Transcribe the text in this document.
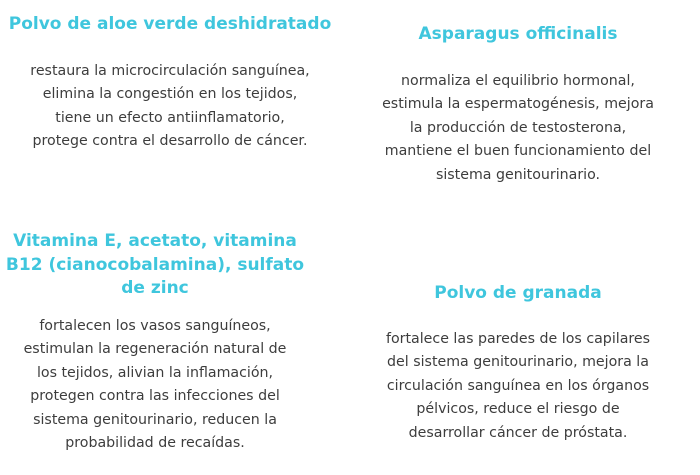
Polvo de aloe verde deshidratado

restaura la microcirculación sanguínea,
elimina la congestión en los tejidos,
tiene un efecto antiinflamatorio,
protege contra el desarrollo de cáncer.

Asparagus officinalis

normaliza el equilibrio hormonal,
estimula la espermatogénesis, mejora
la producción de testosterona,
mantiene el buen funcionamiento del
sistema genitourinario.

Vitamina E, acetato, vitamina
B12 (cianocobalamina), sulfato
de zinc

fortalecen los vasos sanguíneos,
estimulan la regeneración natural de
los tejidos, alivian la inflamación,
protegen contra las infecciones del
sistema genitourinario, reducen la
probabilidad de recaídas.

Polvo de granada

fortalece las paredes de los capilares
del sistema genitourinario, mejora la
circulación sanguínea en los órganos
pélvicos, reduce el riesgo de
desarrollar cáncer de próstata.
